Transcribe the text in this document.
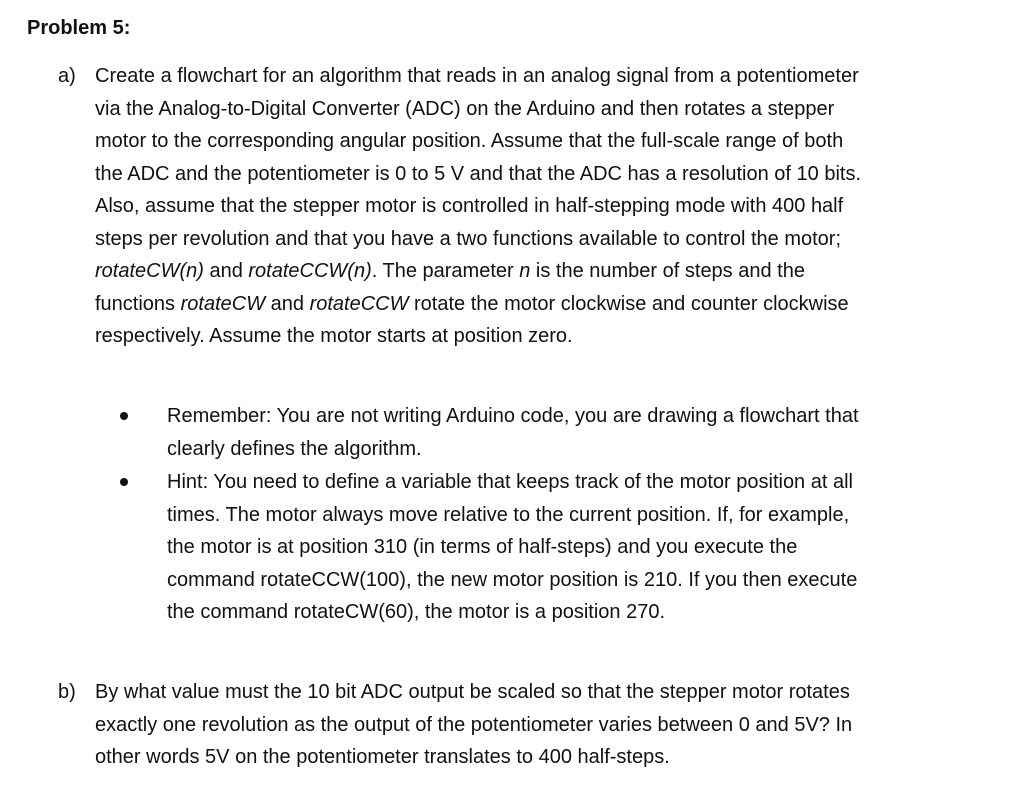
Problem 5:
a) Create a flowchart for an algorithm that reads in an analog signal from a potentiometer
via the Analog-to-Digital Converter (ADC) on the Arduino and then rotates a stepper
motor to the corresponding angular position. Assume that the full-scale range of both
the ADC and the potentiometer is 0 to 5 V and that the ADC has a resolution of 10 bits.
Also, assume that the stepper motor is controlled in half-stepping mode with 400 half
steps per revolution and that you have a two functions available to control the motor;
rotateCW(n) and rotateCCW(n). The parameter n is the number of steps and the
functions rotateCW and rotateCCW rotate the motor clockwise and counter clockwise
respectively. Assume the motor starts at position zero.
Remember: You are not writing Arduino code, you are drawing a flowchart that
clearly defines the algorithm.
Hint: You need to define a variable that keeps track of the motor position at all
times. The motor always move relative to the current position. If, for example,
the motor is at position 310 (in terms of half-steps) and you execute the
command rotateCCW(100), the new motor position is 210. If you then execute
the command rotateCW(60), the motor is a position 270.
b) By what value must the 10 bit ADC output be scaled so that the stepper motor rotates
exactly one revolution as the output of the potentiometer varies between 0 and 5V? In
other words 5V on the potentiometer translates to 400 half-steps.
